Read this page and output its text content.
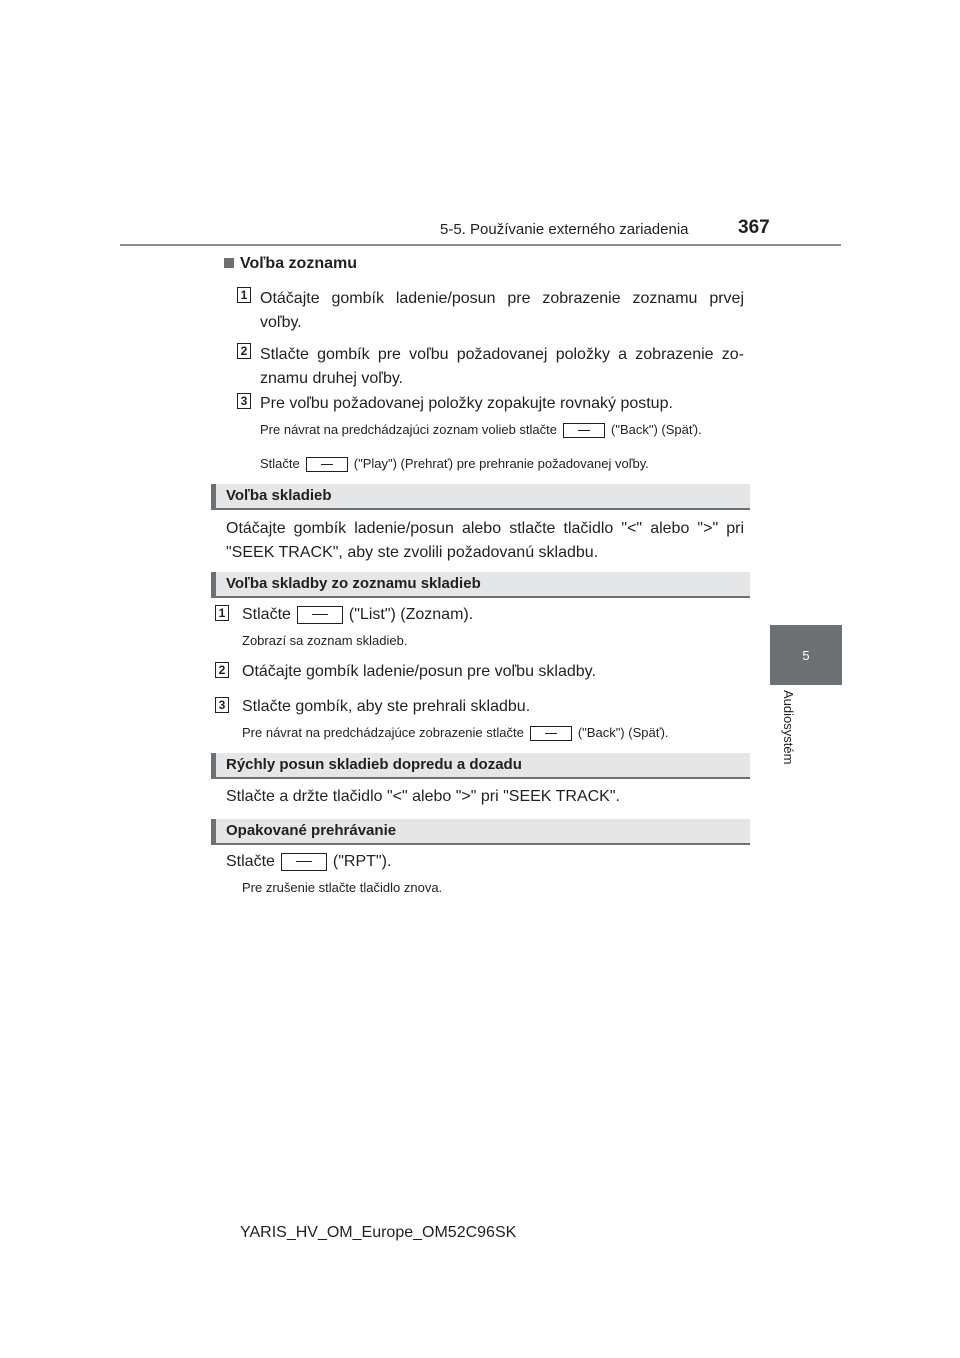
5-5. Používanie externého zariadenia	367
5
Audiosystém
Voľba zoznamu
1 Otáčajte gombík ladenie/posun pre zobrazenie zoznamu prvej voľby.
2 Stlačte gombík pre voľbu požadovanej položky a zobrazenie zoznamu druhej voľby.
3 Pre voľbu požadovanej položky zopakujte rovnaký postup.
Pre návrat na predchádzajúci zoznam volieb stlačte	("Back") (Späť).
Stlačte	("Play") (Prehrať) pre prehranie požadovanej voľby.
Voľba skladieb
Otáčajte gombík ladenie/posun alebo stlačte tlačidlo "<" alebo ">" pri "SEEK TRACK", aby ste zvolili požadovanú skladbu.
Voľba skladby zo zoznamu skladieb
1 Stlačte	("List") (Zoznam).
Zobrazí sa zoznam skladieb.
2 Otáčajte gombík ladenie/posun pre voľbu skladby.
3 Stlačte gombík, aby ste prehrali skladbu.
Pre návrat na predchádzajúce zobrazenie stlačte	("Back") (Späť).
Rýchly posun skladieb dopredu a dozadu
Stlačte a držte tlačidlo "<" alebo ">" pri "SEEK TRACK".
Opakované prehrávanie
Stlačte	("RPT").
Pre zrušenie stlačte tlačidlo znova.
YARIS_HV_OM_Europe_OM52C96SK
